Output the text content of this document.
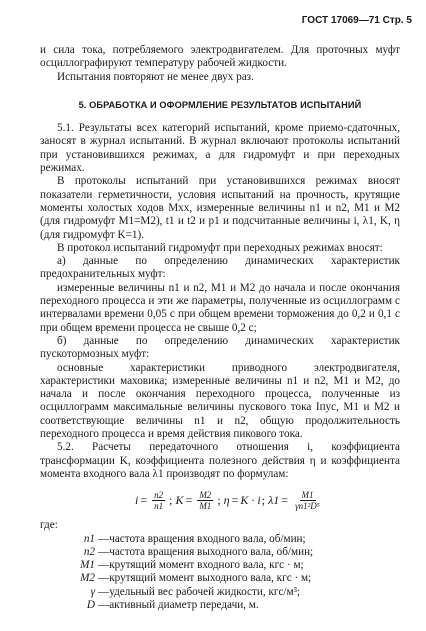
ГОСТ 17069—71 Стр. 5

и сила тока, потребляемого электродвигателем. Для проточных муфт осциллографируют температуру рабочей жидкости.

Испытания повторяют не менее двух раз.

5. ОБРАБОТКА И ОФОРМЛЕНИЕ РЕЗУЛЬТАТОВ ИСПЫТАНИЙ

5.1. Результаты всех категорий испытаний, кроме приемо-сдаточных, заносят в журнал испытаний. В журнал включают протоколы испытаний при установившихся режимах, а для гидромуфт и при переходных режимах.

В протоколы испытаний при установившихся режимах вносят показатели герметичности, условия испытаний на прочность, крутящие моменты холостых ходов Mхх, измеренные величины n1 и n2, M1 и M2 (для гидромуфт M1=M2), t1 и t2 и p1 и подсчитанные величины i, λ1, K, η (для гидромуфт K=1).

В протокол испытаний гидромуфт при переходных режимах вносят:

а) данные по определению динамических характеристик предохранительных муфт:

измеренные величины n1 и n2, M1 и M2 до начала и после окончания переходного процесса и эти же параметры, полученные из осциллограмм с интервалами времени 0,05 с при общем времени торможения до 0,2 и 0,1 с при общем времени процесса не свыше 0,2 с;

б) данные по определению динамических характеристик пускотормозных муфт:

основные характеристики приводного электродвигателя, характеристики маховика; измеренные величины n1 и n2, M1 и M2, до начала и после окончания переходного процесса, полученные из осциллограмм максимальные величины пускового тока Iпус, M1 и M2 и соответствующие величины n1 и n2, общую продолжительность переходного процесса и время действия пикового тока.

5.2. Расчеты передаточного отношения i, коэффициента трансформации K, коэффициента полезного действия η и коэффициента момента входного вала λ1 производят по формулам:

$i = \frac{n2}{n1}$ ; $K = \frac{M2}{M1}$ ; η = K · i ; $\lambda 1 = \frac{M1}{\text{γn1²D⁵}}$

где:

n1 — частота вращения входного вала, об/мин;
n2 — частота вращения выходного вала, об/мин;
M1 — крутящий момент входного вала, кгс · м;
M2 — крутящий момент выходного вала, кгс · м;
γ — удельный вес рабочей жидкости, кгс/м³;
D — активный диаметр передачи, м.
